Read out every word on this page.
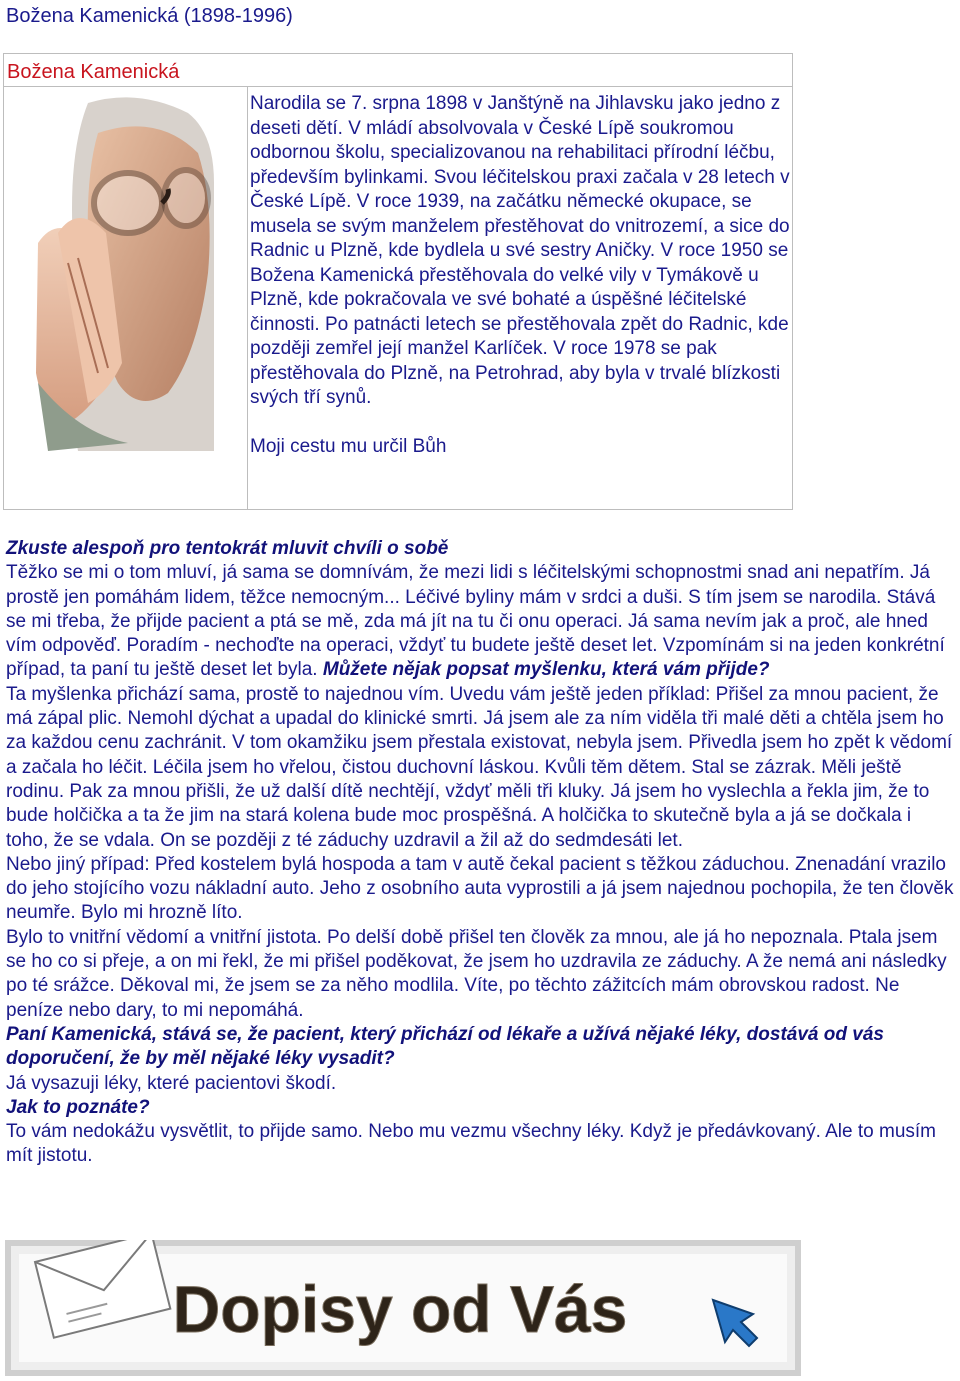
Božena Kamenická (1898-1996)
Božena Kamenická

Narodila se 7. srpna 1898 v Janštýně na Jihlavsku jako jedno z deseti dětí. V mládí absolvovala v České Lípě soukromou odbornou školu, specializovanou na rehabilitaci přírodní léčbu, především bylinkami. Svou léčitelskou praxi začala v 28 letech v České Lípě. V roce 1939, na začátku německé okupace, se musela se svým manželem přestěhovat do vnitrozemí, a sice do Radnic u Plzně, kde bydlela u své sestry Aničky. V roce 1950 se Božena Kamenická přestěhovala do velké vily v Tymákově u Plzně, kde pokračovala ve své bohaté a úspěšné léčitelské činnosti. Po patnácti letech se přestěhovala zpět do Radnic, kde později zemřel její manžel Karlíček. V roce 1978 se pak přestěhovala do Plzně, na Petrohrad, aby byla v trvalé blízkosti svých tří synů.

Moji cestu mu určil Bůh

Zkuste alespoň pro tentokrát mluvit chvíli o sobě

Těžko se mi o tom mluví, já sama se domnívám, že mezi lidi s léčitelskými schopnostmi snad ani nepatřím. Já prostě jen pomáhám lidem, těžce nemocným... Léčivé byliny mám v srdci a duši. S tím jsem se narodila. Stává se mi třeba, že přijde pacient a ptá se mě, zda má jít na tu či onu operaci. Já sama nevím jak a proč, ale hned vím odpověď. Poradím - nechoďte na operaci, vždyť tu budete ještě deset let. Vzpomínám si na jeden konkrétní případ, ta paní tu ještě deset let byla. Můžete nějak popsat myšlenku, která vám přijde?

Ta myšlenka přichází sama, prostě to najednou vím. Uvedu vám ještě jeden příklad: Přišel za mnou pacient, že má zápal plic. Nemohl dýchat a upadal do klinické smrti. Já jsem ale za ním viděla tři malé děti a chtěla jsem ho za každou cenu zachránit. V tom okamžiku jsem přestala existovat, nebyla jsem. Přivedla jsem ho zpět k vědomí a začala ho léčit. Léčila jsem ho vřelou, čistou duchovní láskou. Kvůli těm dětem. Stal se zázrak. Měli ještě rodinu. Pak za mnou přišli, že už další dítě nechtějí, vždyť měli tři kluky. Já jsem ho vyslechla a řekla jim, že to bude holčička a ta že jim na stará kolena bude moc prospěšná. A holčička to skutečně byla a já se dočkala i toho, že se vdala. On se později z té záduchy uzdravil a žil až do sedmdesáti let.

Nebo jiný případ: Před kostelem bylá hospoda a tam v autě čekal pacient s těžkou záduchou. Znenadání vrazilo do jeho stojícího vozu nákladní auto. Jeho z osobního auta vyprostili a já jsem najednou pochopila, že ten člověk neumře. Bylo mi hrozně líto.

Bylo to vnitřní vědomí a vnitřní jistota. Po delší době přišel ten člověk za mnou, ale já ho nepoznala. Ptala jsem se ho co si přeje, a on mi řekl, že mi přišel poděkovat, že jsem ho uzdravila ze záduchy. A že nemá ani následky po té srážce. Děkoval mi, že jsem se za něho modlila. Víte, po těchto zážitcích mám obrovskou radost. Ne peníze nebo dary, to mi nepomáhá.

Paní Kamenická, stává se, že pacient, který přichází od lékaře a užívá nějaké léky, dostává od vás doporučení, že by měl nějaké léky vysadit?

Já vysazuji léky, které pacientovi škodí.

Jak to poznáte?

To vám nedokážu vysvětlit, to přijde samo. Nebo mu vezmu všechny léky. Když je předávkovaný. Ale to musím mít jistotu.

Dopisy od Vás
